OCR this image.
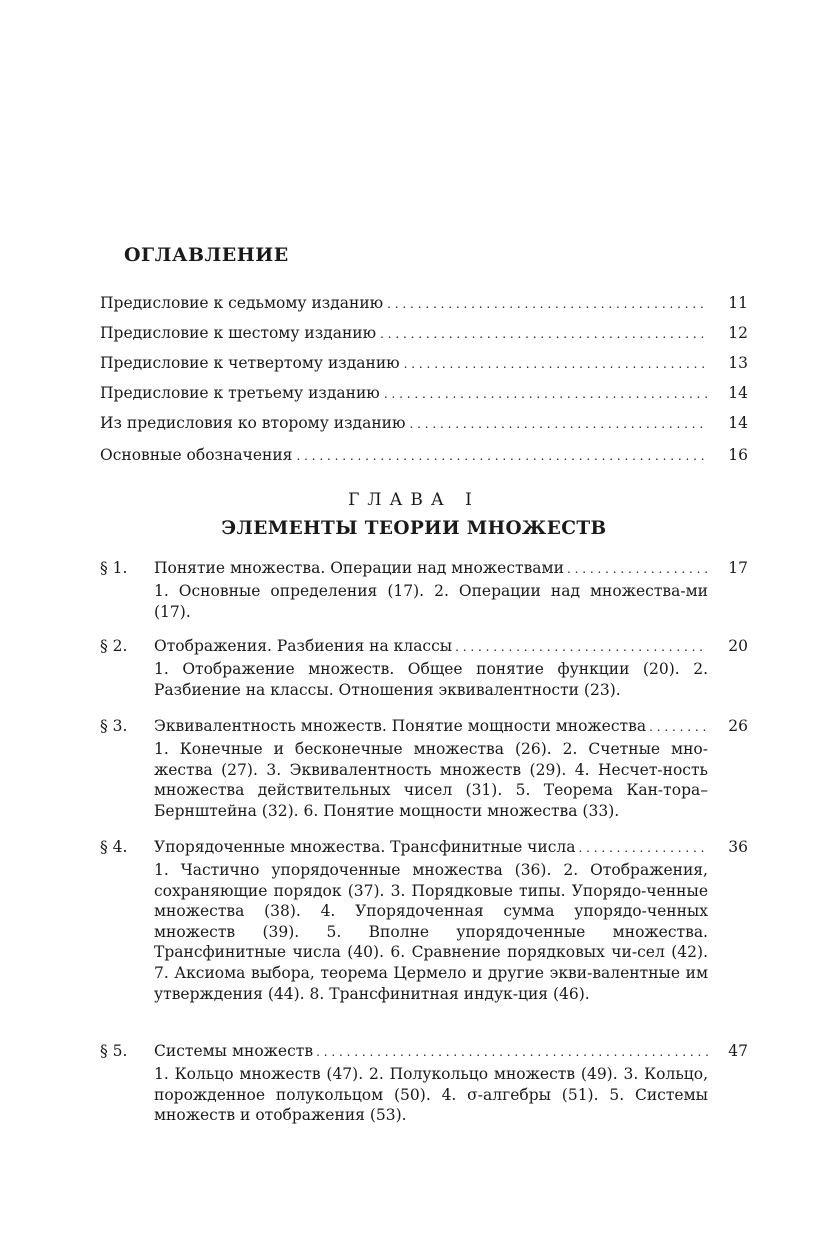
ОГЛАВЛЕНИЕ
Предисловие к седьмому изданию . . .	11
Предисловие к шестому изданию . . .	12
Предисловие к четвертому изданию . . .	13
Предисловие к третьему изданию . . .	14
Из предисловия ко второму изданию . . .	14
Основные обозначения . . .	16
ГЛАВА I
ЭЛЕМЕНТЫ ТЕОРИИ МНОЖЕСТВ
§ 1.	Понятие множества. Операции над множествами . . .	17
1. Основные определения (17). 2. Операции над множества-ми (17).
§ 2.	Отображения. Разбиения на классы . . .	20
1. Отображение множеств. Общее понятие функции (20). 2. Разбиение на классы. Отношения эквивалентности (23).
§ 3.	Эквивалентность множеств. Понятие мощности множества . . .	26
1. Конечные и бесконечные множества (26). 2. Счетные мно-жества (27). 3. Эквивалентность множеств (29). 4. Несчет-ность множества действительных чисел (31). 5. Теорема Кан-тора–Бернштейна (32). 6. Понятие мощности множества (33).
§ 4.	Упорядоченные множества. Трансфинитные числа . . .	36
1. Частично упорядоченные множества (36). 2. Отображения, сохраняющие порядок (37). 3. Порядковые типы. Упорядо-ченные множества (38). 4. Упорядоченная сумма упорядо-ченных множеств (39). 5. Вполне упорядоченные множества. Трансфинитные числа (40). 6. Сравнение порядковых чи-сел (42). 7. Аксиома выбора, теорема Цермело и другие экви-валентные им утверждения (44). 8. Трансфинитная индук-ция (46).
§ 5.	Системы множеств . . .	47
1. Кольцо множеств (47). 2. Полукольцо множеств (49). 3. Кольцо, порожденное полукольцом (50). 4. σ-алгебры (51). 5. Системы множеств и отображения (53).
